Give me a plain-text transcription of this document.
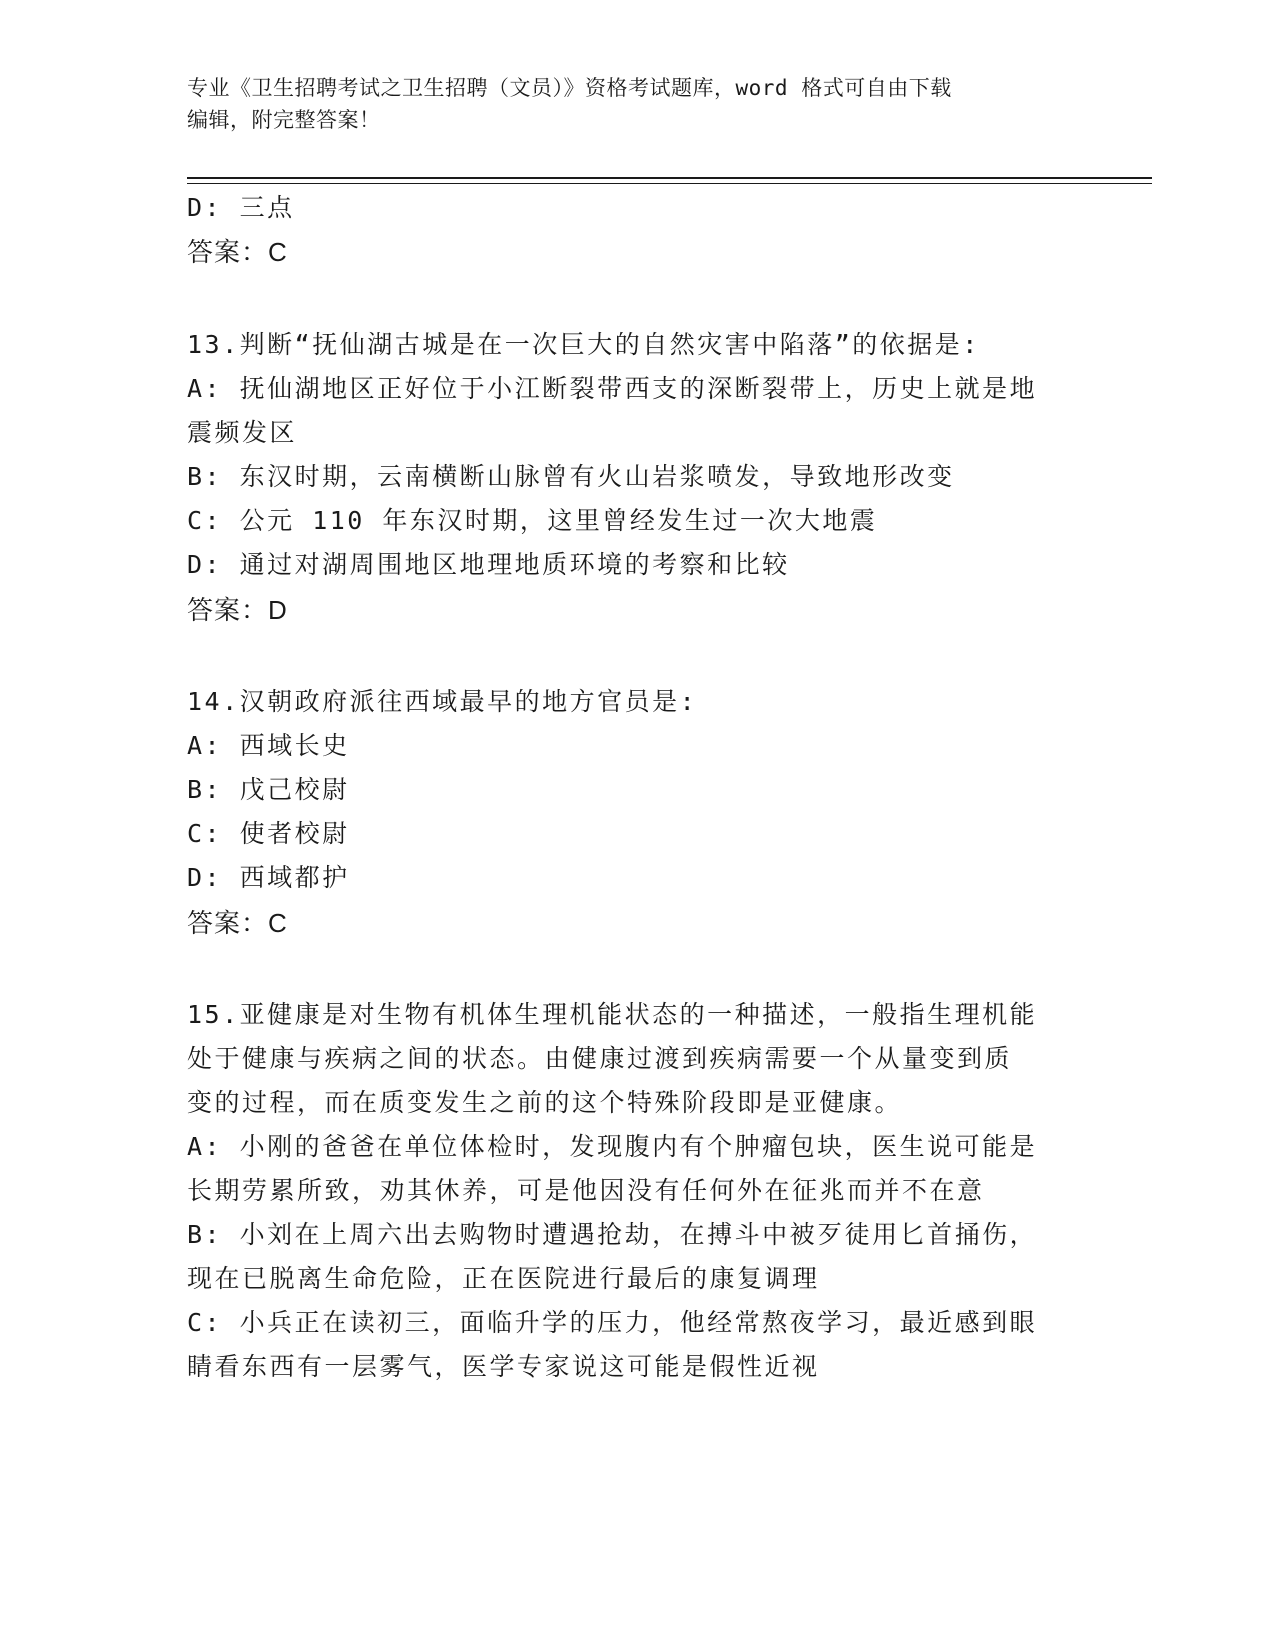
专业《卫生招聘考试之卫生招聘（文员）》资格考试题库，word 格式可自由下载
编辑，附完整答案！
D: 三点
答案：C
13.判断“抚仙湖古城是在一次巨大的自然灾害中陷落”的依据是:
A: 抚仙湖地区正好位于小江断裂带西支的深断裂带上，历史上就是地
震频发区
B: 东汉时期，云南横断山脉曾有火山岩浆喷发，导致地形改变
C: 公元 110 年东汉时期，这里曾经发生过一次大地震
D: 通过对湖周围地区地理地质环境的考察和比较
答案：D
14.汉朝政府派往西域最早的地方官员是:
A: 西域长史
B: 戊己校尉
C: 使者校尉
D: 西域都护
答案：C
15.亚健康是对生物有机体生理机能状态的一种描述，一般指生理机能
处于健康与疾病之间的状态。由健康过渡到疾病需要一个从量变到质
变的过程，而在质变发生之前的这个特殊阶段即是亚健康。
A: 小刚的爸爸在单位体检时，发现腹内有个肿瘤包块，医生说可能是
长期劳累所致，劝其休养，可是他因没有任何外在征兆而并不在意
B: 小刘在上周六出去购物时遭遇抢劫，在搏斗中被歹徒用匕首捅伤，
现在已脱离生命危险，正在医院进行最后的康复调理
C: 小兵正在读初三，面临升学的压力，他经常熬夜学习，最近感到眼
睛看东西有一层雾气，医学专家说这可能是假性近视
